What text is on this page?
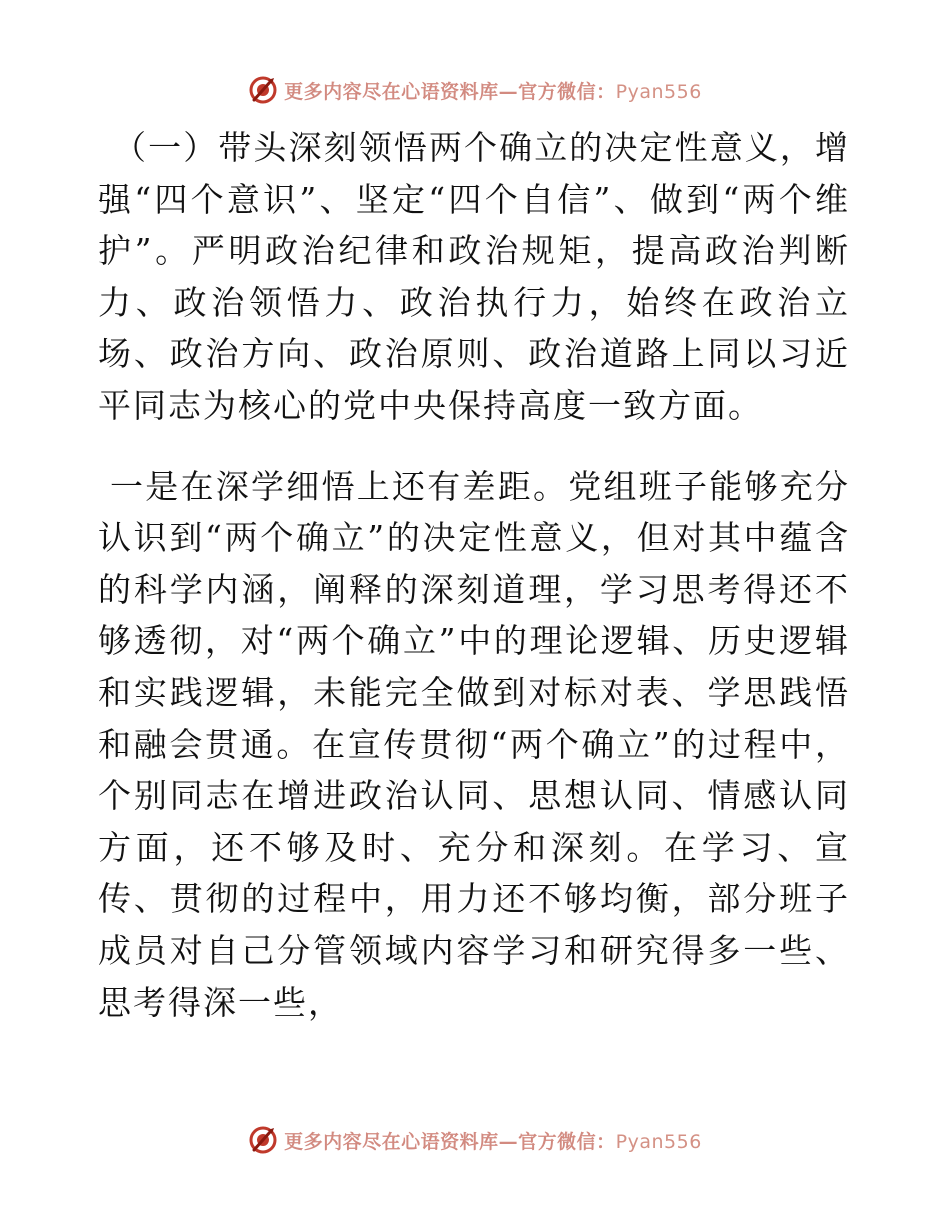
更多内容尽在心语资料库—官方微信：Pyan556

（一）带头深刻领悟两个确立的决定性意义，增强“四个意识”、坚定“四个自信”、做到“两个维护”。严明政治纪律和政治规矩，提高政治判断力、政治领悟力、政治执行力，始终在政治立场、政治方向、政治原则、政治道路上同以习近平同志为核心的党中央保持高度一致方面。

一是在深学细悟上还有差距。党组班子能够充分认识到“两个确立”的决定性意义，但对其中蕴含的科学内涵，阐释的深刻道理，学习思考得还不够透彻，对“两个确立”中的理论逻辑、历史逻辑和实践逻辑，未能完全做到对标对表、学思践悟和融会贯通。在宣传贯彻“两个确立”的过程中，个别同志在增进政治认同、思想认同、情感认同方面，还不够及时、充分和深刻。在学习、宣传、贯彻的过程中，用力还不够均衡，部分班子成员对自己分管领域内容学习和研究得多一些、思考得深一些，

更多内容尽在心语资料库—官方微信：Pyan556
